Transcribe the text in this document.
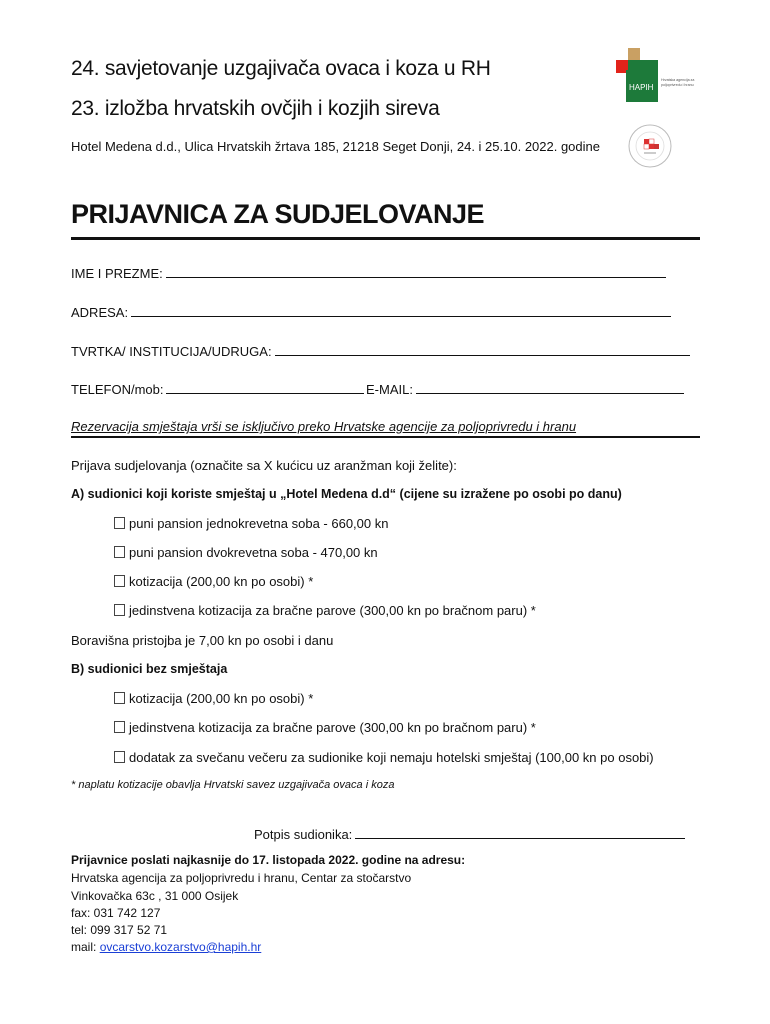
24. savjetovanje uzgajivača ovaca i koza u RH
23. izložba hrvatskih ovčjih i kozjih sireva
Hotel Medena d.d., Ulica Hrvatskih žrtava 185, 21218 Seget Donji, 24. i 25.10. 2022. godine
HAPIH
Hrvatska agencija za
poljoprivredu i hranu
PRIJAVNICA ZA SUDJELOVANJE
IME I PREZME:
ADRESA:
TVRTKA/ INSTITUCIJA/UDRUGA:
TELEFON/mob:	E-MAIL:
Rezervacija smještaja vrši se isključivo preko Hrvatske agencije za poljoprivredu i hranu
Prijava sudjelovanja (označite sa X kućicu uz aranžman koji želite):
A) sudionici koji koriste smještaj u „Hotel Medena d.d“ (cijene su izražene po osobi po danu)
puni pansion jednokrevetna soba - 660,00 kn
puni pansion dvokrevetna soba - 470,00 kn
kotizacija (200,00 kn po osobi) *
jedinstvena kotizacija za bračne parove (300,00 kn po bračnom paru) *
Boravišna pristojba je 7,00 kn po osobi i danu
B) sudionici bez smještaja
kotizacija (200,00 kn po osobi) *
jedinstvena kotizacija za bračne parove (300,00 kn po bračnom paru) *
dodatak za svečanu večeru za sudionike koji nemaju hotelski smještaj (100,00 kn po osobi)
* naplatu kotizacije obavlja Hrvatski savez uzgajivača ovaca i koza
Potpis sudionika:
Prijavnice poslati najkasnije do 17. listopada 2022. godine na adresu:
Hrvatska agencija za poljoprivredu i hranu, Centar za stočarstvo
Vinkovačka 63c , 31 000 Osijek
fax: 031 742 127
tel: 099 317 52 71
mail: ovcarstvo.kozarstvo@hapih.hr
